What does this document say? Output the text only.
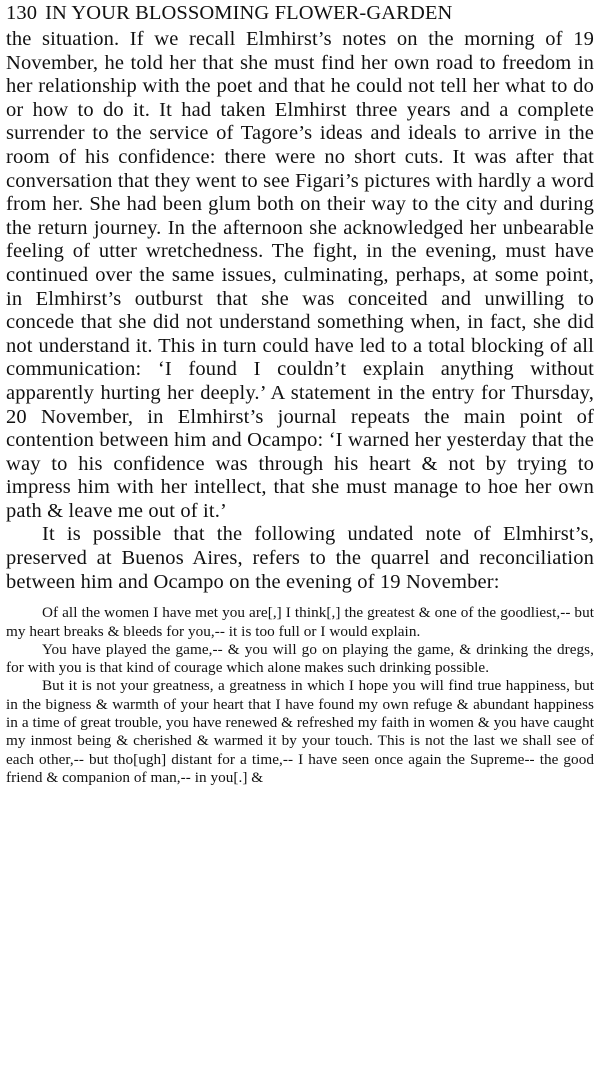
130 IN YOUR BLOSSOMING FLOWER-GARDEN

the situation. If we recall Elmhirst’s notes on the morning of 19 November, he told her that she must find her own road to freedom in her relationship with the poet and that he could not tell her what to do or how to do it. It had taken Elmhirst three years and a complete surrender to the service of Tagore’s ideas and ideals to arrive in the room of his confidence: there were no short cuts. It was after that conversation that they went to see Figari’s pictures with hardly a word from her. She had been glum both on their way to the city and during the return journey. In the afternoon she acknowledged her unbearable feeling of utter wretchedness. The fight, in the evening, must have continued over the same issues, culminating, perhaps, at some point, in Elmhirst’s outburst that she was conceited and unwilling to concede that she did not understand something when, in fact, she did not understand it. This in turn could have led to a total blocking of all communication: ‘I found I couldn’t explain anything without apparently hurting her deeply.’ A statement in the entry for Thursday, 20 November, in Elmhirst’s journal repeats the main point of contention between him and Ocampo: ‘I warned her yesterday that the way to his confidence was through his heart & not by trying to impress him with her intellect, that she must manage to hoe her own path & leave me out of it.’

It is possible that the following undated note of Elmhirst’s, preserved at Buenos Aires, refers to the quarrel and reconciliation between him and Ocampo on the evening of 19 November:

Of all the women I have met you are[,] I think[,] the greatest & one of the goodliest,-- but my heart breaks & bleeds for you,-- it is too full or I would explain.

You have played the game,-- & you will go on playing the game, & drinking the dregs, for with you is that kind of courage which alone makes such drinking possible.

But it is not your greatness, a greatness in which I hope you will find true happiness, but in the bigness & warmth of your heart that I have found my own refuge & abundant happiness in a time of great trouble, you have renewed & refreshed my faith in women & you have caught my inmost being & cherished & warmed it by your touch. This is not the last we shall see of each other,-- but tho[ugh] distant for a time,-- I have seen once again the Supreme-- the good friend & companion of man,-- in you[.] &
